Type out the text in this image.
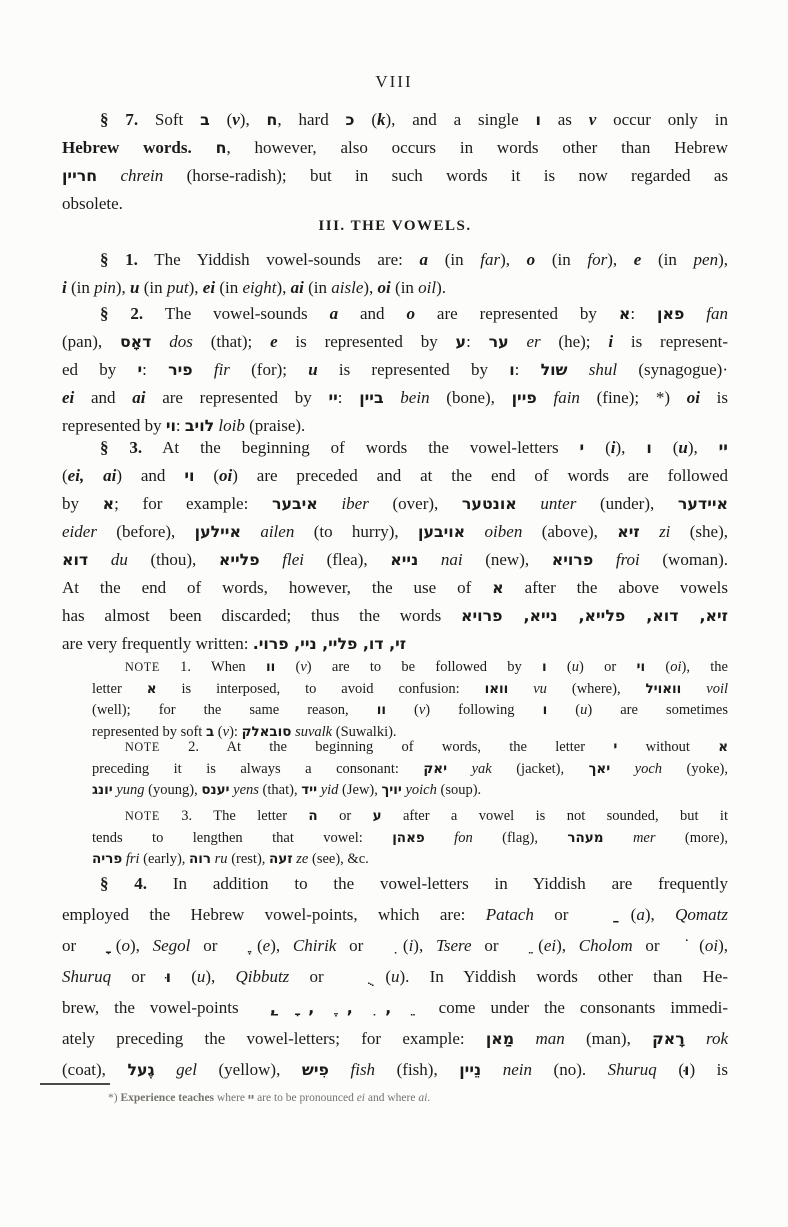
VIII
§ 7. Soft ב (v), ח, hard כ (k), and a single ו as v occur only in
Hebrew words. ח, however, also occurs in words other than Hebrew
חריין chrein (horse-radish); but in such words it is now regarded as
obsolete.
III. THE VOWELS.
§ 1. The Yiddish vowel-sounds are: a (in far), o (in for), e (in pen),
i (in pin), u (in put), ei (in eight), ai (in aisle), oi (in oil).
§ 2. The vowel-sounds a and o are represented by א: פאן fan
(pan), דאָס dos (that); e is represented by ע: ער er (he); i is represent-
ed by י: פיר fir (for); u is represented by ו: שול shul (synagogue)·
ei and ai are represented by יי: ביין bein (bone), פיין fain (fine); *) oi is
represented by וי: לויב loib (praise).
§ 3. At the beginning of words the vowel-letters י (i), ו (u), יי
(ei, ai) and וי (oi) are preceded and at the end of words are followed
by א; for example: איבער iber (over), אונטער unter (under), איידער
eider (before), איילען ailen (to hurry), אויבען oiben (above), זיא zi (she),
דוא du (thou), פלייא flei (flea), נייא nai (new), פרויא froi (woman).
At the end of words, however, the use of א after the above vowels
has almost been discarded; thus the words זיא, דוא, פלייא, נייא, פרויא
are very frequently written: זי, דו, פליי, ניי, פרוי.
NOTE 1. When וו (v) are to be followed by ו (u) or וי (oi), the
letter א is interposed, to avoid confusion: וואו vu (where), וואויל voil
(well); for the same reason, וו (v) following ו (u) are sometimes
represented by soft ב (v): סובאלק suvalk (Suwalki).
NOTE 2. At the beginning of words, the letter י without א
preceding it is always a consonant: יאק yak (jacket), יאך yoch (yoke),
יונג yung (young), יענס yens (that), ייד yid (Jew), יויך yoich (soup).
NOTE 3. The letter ה or ע after a vowel is not sounded, but it
tends to lengthen that vowel: פאהן fon (flag), מעהר mer (more),
פריה fri (early), רוה ru (rest), זעה ze (see), &c.
§ 4. In addition to the vowel-letters in Yiddish are frequently
employed the Hebrew vowel-points, which are: Patach or  ַ (a), Qomatz
or  ָ (o), Segol or  ֶ (e), Chirik or  ִ (i), Tsere or  ֵ (ei), Cholom or  ֹ (oi),
Shuruq or וּ (u), Qibbutz or  ֻ (u). In Yiddish words other than He-
brew, the vowel-points  ַ,  ָ,  ֶ,  ִ,  ֵ come under the consonants immedi-
ately preceding the vowel-letters; for example: מַאן man (man), רָאק rok
(coat), גֶעל gel (yellow), פִיש fish (fish), נֵיין nein (no). Shuruq (וּ) is
*) Experience teaches where יי are to be pronounced ei and where ai.
